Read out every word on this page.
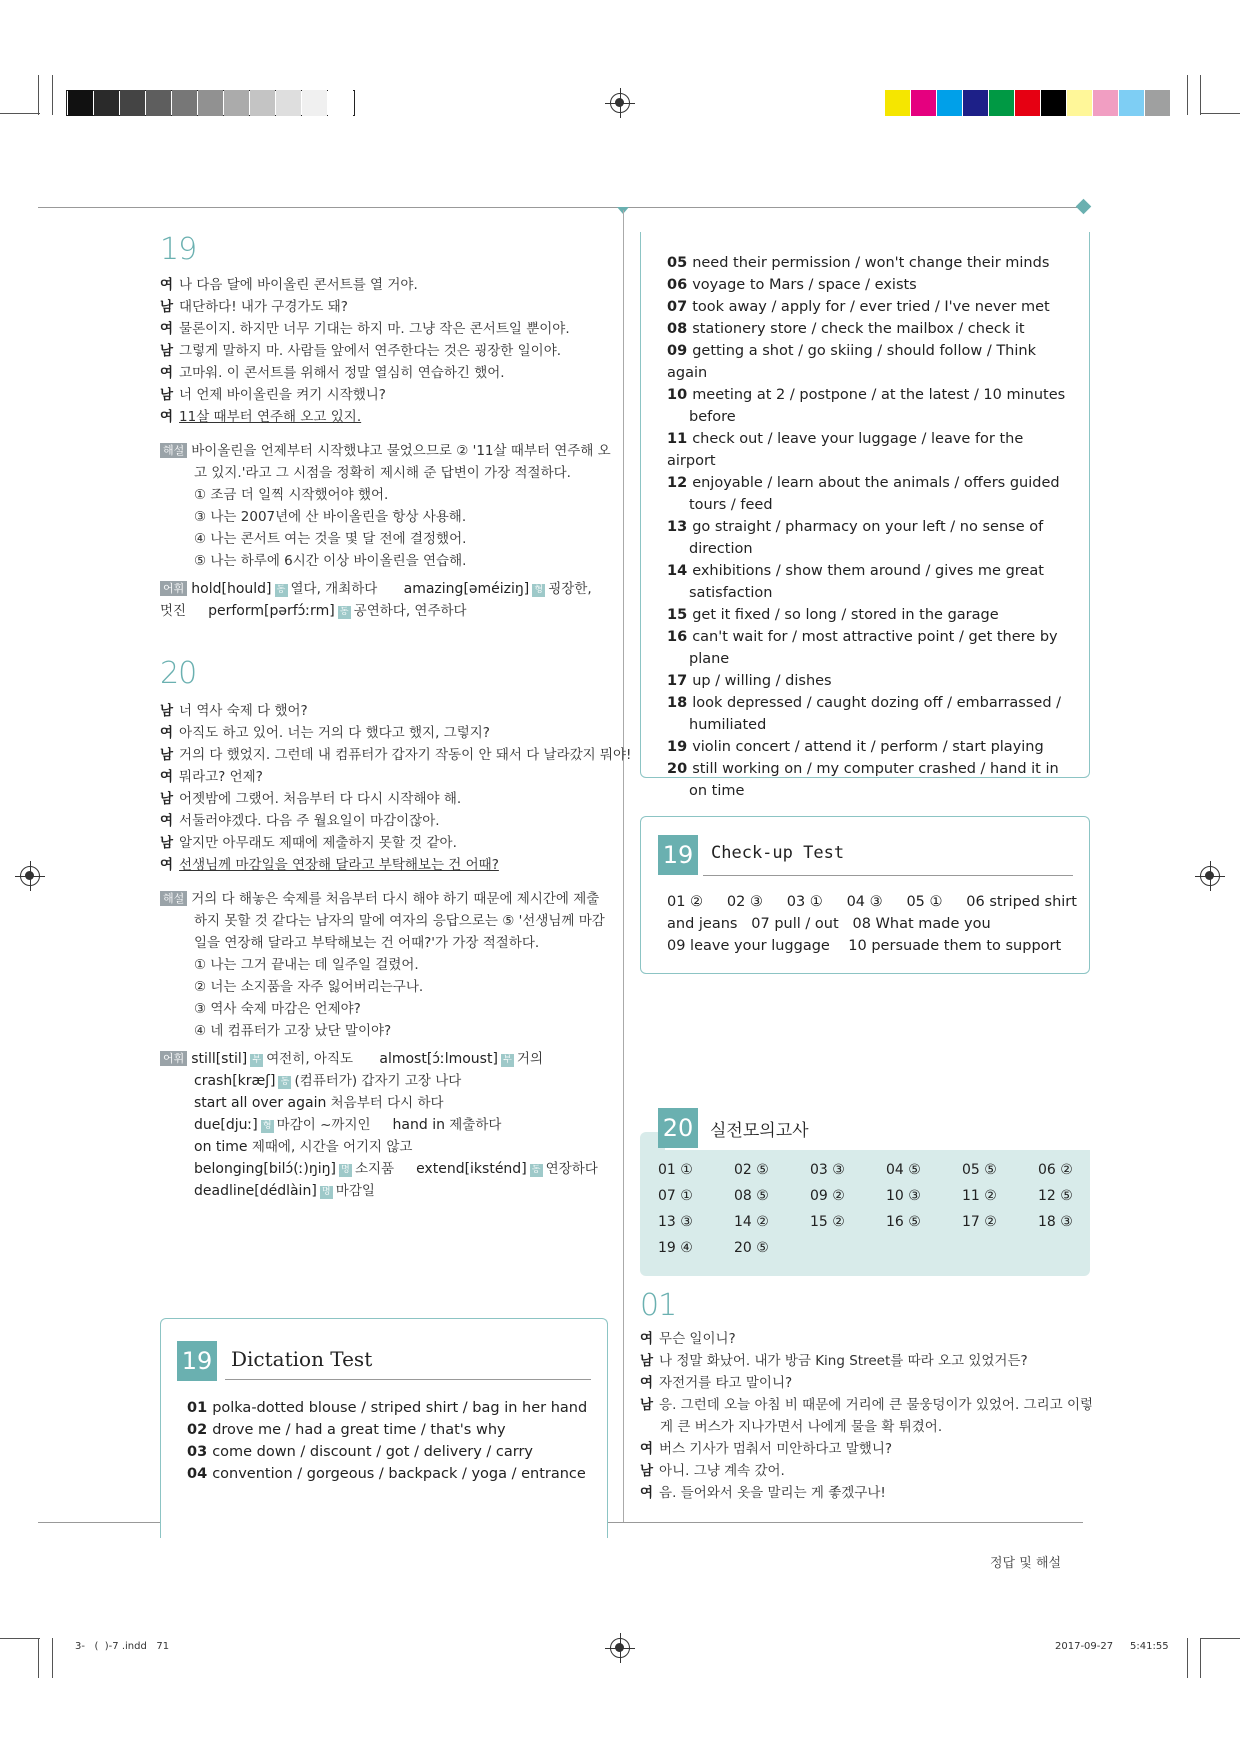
19
여 나 다음 달에 바이올린 콘서트를 열 거야.
남 대단하다! 내가 구경가도 돼?
여 물론이지. 하지만 너무 기대는 하지 마. 그냥 작은 콘서트일 뿐이야.
남 그렇게 말하지 마. 사람들 앞에서 연주한다는 것은 굉장한 일이야.
여 고마워. 이 콘서트를 위해서 정말 열심히 연습하긴 했어.
남 너 언제 바이올린을 켜기 시작했니?
여 11살 때부터 연주해 오고 있지.
해설 바이올린을 언제부터 시작했냐고 물었으므로 ② '11살 때부터 연주해 오
고 있지.'라고 그 시점을 정확히 제시해 준 답변이 가장 적절하다.
① 조금 더 일찍 시작했어야 했어.
③ 나는 2007년에 산 바이올린을 항상 사용해.
④ 나는 콘서트 여는 것을 몇 달 전에 결정했어.
⑤ 나는 하루에 6시간 이상 바이올린을 연습해.
어휘 hold[hould] 동 열다, 개최하다 amazing[əméiziŋ] 형 굉장한,
멋진 perform[pərfɔ́ːrm] 동 공연하다, 연주하다
20
남 너 역사 숙제 다 했어?
여 아직도 하고 있어. 너는 거의 다 했다고 했지, 그렇지?
남 거의 다 했었지. 그런데 내 컴퓨터가 갑자기 작동이 안 돼서 다 날라갔지 뭐야!
여 뭐라고? 언제?
남 어젯밤에 그랬어. 처음부터 다 다시 시작해야 해.
여 서둘러야겠다. 다음 주 월요일이 마감이잖아.
남 알지만 아무래도 제때에 제출하지 못할 것 같아.
여 선생님께 마감일을 연장해 달라고 부탁해보는 건 어때?
해설 거의 다 해놓은 숙제를 처음부터 다시 해야 하기 때문에 제시간에 제출
하지 못할 것 같다는 남자의 말에 여자의 응답으로는 ⑤ '선생님께 마감
일을 연장해 달라고 부탁해보는 건 어때?'가 가장 적절하다.
① 나는 그거 끝내는 데 일주일 걸렸어.
② 너는 소지품을 자주 잃어버리는구나.
③ 역사 숙제 마감은 언제야?
④ 네 컴퓨터가 고장 났단 말이야?
어휘 still[stil] 부 여전히, 아직도 almost[ɔ́ːlmoust] 부 거의
crash[kræʃ] 동 (컴퓨터가) 갑자기 고장 나다
start all over again 처음부터 다시 하다
due[djuː] 형 마감이 ~까지인 hand in 제출하다
on time 제때에, 시간을 어기지 않고
belonging[bilɔ́(ː)ŋiŋ] 명 소지품 extend[iksténd] 동 연장하다
deadline[dédlàin] 명 마감일
19 Dictation Test
01 polka-dotted blouse / striped shirt / bag in her hand
02 drove me / had a great time / that's why
03 come down / discount / got / delivery / carry
04 convention / gorgeous / backpack / yoga / entrance
05 need their permission / won't change their minds
06 voyage to Mars / space / exists
07 took away / apply for / ever tried / I've never met
08 stationery store / check the mailbox / check it
09 getting a shot / go skiing / should follow / Think again
10 meeting at 2 / postpone / at the latest / 10 minutes
before
11 check out / leave your luggage / leave for the airport
12 enjoyable / learn about the animals / offers guided
tours / feed
13 go straight / pharmacy on your left / no sense of
direction
14 exhibitions / show them around / gives me great
satisfaction
15 get it fixed / so long / stored in the garage
16 can't wait for / most attractive point / get there by
plane
17 up / willing / dishes
18 look depressed / caught dozing off / embarrassed /
humiliated
19 violin concert / attend it / perform / start playing
20 still working on / my computer crashed / hand it in
on time
19 Check-up Test
01 ② 02 ③ 03 ① 04 ③ 05 ① 06 striped shirt
and jeans 07 pull / out 08 What made you
09 leave your luggage 10 persuade them to support
20 실전모의고사
01 ①	02 ⑤	03 ③	04 ⑤	05 ⑤	06 ②
07 ①	08 ⑤	09 ②	10 ③	11 ②	12 ⑤
13 ③	14 ②	15 ②	16 ⑤	17 ②	18 ③
19 ④	20 ⑤
01
여 무슨 일이니?
남 나 정말 화났어. 내가 방금 King Street를 따라 오고 있었거든?
여 자전거를 타고 말이니?
남 응. 그런데 오늘 아침 비 때문에 거리에 큰 물웅덩이가 있었어. 그리고 이렇
게 큰 버스가 지나가면서 나에게 물을 확 튀겼어.
여 버스 기사가 멈춰서 미안하다고 말했니?
남 아니. 그냥 계속 갔어.
여 음. 들어와서 옷을 말리는 게 좋겠구나!
정답 및 해설
3-   (  )-7 .indd   71	2017-09-27 5:41:55
